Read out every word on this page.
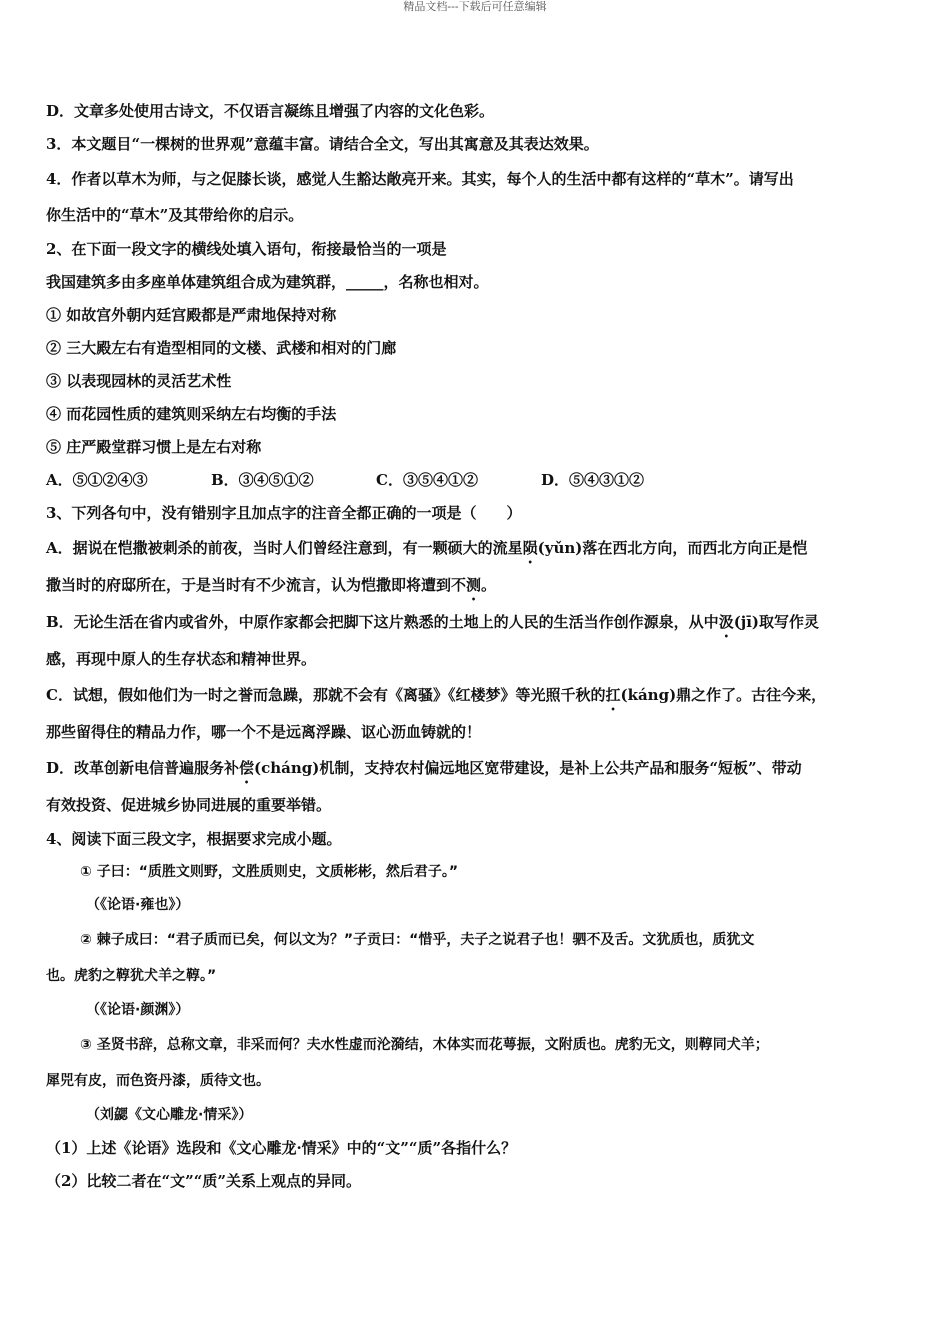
精品文档---下载后可任意编辑
D．文章多处使用古诗文，不仅语言凝练且增强了内容的文化色彩。
3．本文题目“一棵树的世界观”意蕴丰富。请结合全文，写出其寓意及其表达效果。
4．作者以草木为师，与之促膝长谈，感觉人生豁达敞亮开来。其实，每个人的生活中都有这样的“草木”。请写出
你生活中的“草木”及其带给你的启示。
2、在下面一段文字的横线处填入语句，衔接最恰当的一项是
我国建筑多由多座单体建筑组合成为建筑群，_____，名称也相对。
① 如故宫外朝内廷宫殿都是严肃地保持对称
② 三大殿左右有造型相同的文楼、武楼和相对的门廊
③ 以表现园林的灵活艺术性
④ 而花园性质的建筑则采纳左右均衡的手法
⑤ 庄严殿堂群习惯上是左右对称
A．⑤①②④③	B．③④⑤①②	C．③⑤④①②	D．⑤④③①②
3、下列各句中，没有错别字且加点字的注音全都正确的一项是（　　）
A．据说在恺撒被刺杀的前夜，当时人们曾经注意到，有一颗硕大的流星陨(yǔn)落在西北方向，而西北方向正是恺
撒当时的府邸所在，于是当时有不少流言，认为恺撒即将遭到不测。
B．无论生活在省内或省外，中原作家都会把脚下这片熟悉的土地上的人民的生活当作创作源泉，从中汲(jī)取写作灵
感，再现中原人的生存状态和精神世界。
C．试想，假如他们为一时之誉而急躁，那就不会有《离骚》《红楼梦》等光照千秋的扛(káng)鼎之作了。古往今来，
那些留得住的精品力作，哪一个不是远离浮躁、讴心沥血铸就的！
D．改革创新电信普遍服务补偿(cháng)机制，支持农村偏远地区宽带建设，是补上公共产品和服务“短板”、带动
有效投资、促进城乡协同进展的重要举错。
4、阅读下面三段文字，根据要求完成小题。
① 子曰：“质胜文则野，文胜质则史，文质彬彬，然后君子。”
（《论语·雍也》）
② 棘子成曰：“君子质而已矣，何以文为？”子贡曰：“惜乎，夫子之说君子也！驷不及舌。文犹质也，质犹文
也。虎豹之鞟犹犬羊之鞟。”
（《论语·颜渊》）
③ 圣贤书辞，总称文章，非采而何？夫水性虚而沦漪结，木体实而花萼振，文附质也。虎豹无文，则鞟同犬羊；
犀兕有皮，而色资丹漆，质待文也。
（刘勰《文心雕龙·情采》）
（1）上述《论语》选段和《文心雕龙·情采》中的“文”“质”各指什么？
（2）比较二者在“文”“质”关系上观点的异同。
